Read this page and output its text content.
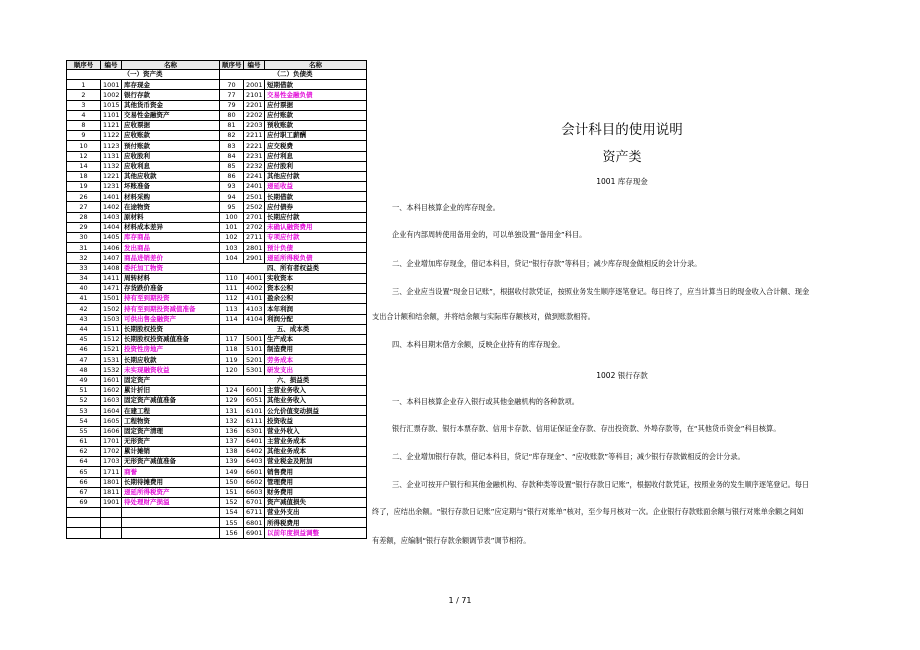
顺序号	编号	名称
（一）资产类		
1	1001	库存现金
2	1002	银行存款
3	1015	其他货币资金
4	1101	交易性金融资产
8	1121	应收票据
9	1122	应收账款
10	1123	预付账款
12	1131	应收股利
14	1132	应收利息
18	1221	其他应收款
19	1231	坏账准备
26	1401	材料采购
27	1402	在途物资
28	1403	原材料
29	1404	材料成本差异
30	1405	库存商品
31	1406	发出商品
32	1407	商品进销差价
33	1408	委托加工物资
34	1411	周转材料
40	1471	存货跌价准备
41	1501	持有至到期投资
42	1502	持有至到期投资减值准备
43	1503	可供出售金融资产
44	1511	长期股权投资
45	1512	长期股权投资减值准备
46	1521	投资性房地产
47	1531	长期应收款
48	1532	未实现融资收益
49	1601	固定资产
51	1602	累计折旧
52	1603	固定资产减值准备
53	1604	在建工程
54	1605	工程物资
55	1606	固定资产清理
61	1701	无形资产
62	1702	累计摊销
64	1703	无形资产减值准备
65	1711	商誉
66	1801	长期待摊费用
67	1811	递延所得税资产
69	1901	待处理财产损溢

顺序号	编号	名称
（二）负债类		
70	2001	短期借款
77	2101	交易性金融负债
79	2201	应付票据
80	2202	应付账款
81	2203	预收账款
82	2211	应付职工薪酬
83	2221	应交税费
84	2231	应付利息
85	2232	应付股利
86	2241	其他应付款
93	2401	递延收益
94	2501	长期借款
95	2502	应付债券
100	2701	长期应付款
101	2702	未确认融资费用
102	2711	专项应付款
103	2801	预计负债
104	2901	递延所得税负债
四、所有者权益类		
110	4001	实收资本
111	4002	资本公积
112	4101	盈余公积
113	4103	本年利润
114	4104	利润分配
五、成本类		
117	5001	生产成本
118	5101	制造费用
119	5201	劳务成本
120	5301	研发支出
六、损益类		
124	6001	主营业务收入
129	6051	其他业务收入
131	6101	公允价值变动损益
132	6111	投资收益
136	6301	营业外收入
137	6401	主营业务成本
138	6402	其他业务成本
139	6403	营业税金及附加
149	6601	销售费用
150	6602	管理费用
151	6603	财务费用
152	6701	资产减值损失
154	6711	营业外支出
155	6801	所得税费用
156	6901	以前年度损益调整
会计科目的使用说明
资产类
1001 库存现金
一、本科目核算企业的库存现金。
企业有内部周转使用备用金的，可以单独设置“备用金”科目。
二、企业增加库存现金，借记本科目，贷记“银行存款”等科目；减少库存现金做相反的会计分录。
三、企业应当设置“现金日记账”，根据收付款凭证，按照业务发生顺序逐笔登记。每日终了，应当计算当日的现金收入合计额、现金
支出合计额和结余额，并将结余额与实际库存额核对，做到账款相符。
四、本科目期末借方余额，反映企业持有的库存现金。
1002 银行存款
一、本科目核算企业存入银行或其他金融机构的各种款项。
银行汇票存款、银行本票存款、信用卡存款、信用证保证金存款、存出投资款、外埠存款等，在“其他货币资金”科目核算。
二、企业增加银行存款，借记本科目，贷记“库存现金”、“应收账款”等科目；减少银行存款做相反的会计分录。
三、企业可按开户银行和其他金融机构、存款种类等设置“银行存款日记账”，根据收付款凭证，按照业务的发生顺序逐笔登记。每日
终了，应结出余额。“银行存款日记账”应定期与“银行对账单”核对，至少每月核对一次。企业银行存款账面余额与银行对账单余额之间如
有差额，应编制“银行存款余额调节表”调节相符。
1 / 71
